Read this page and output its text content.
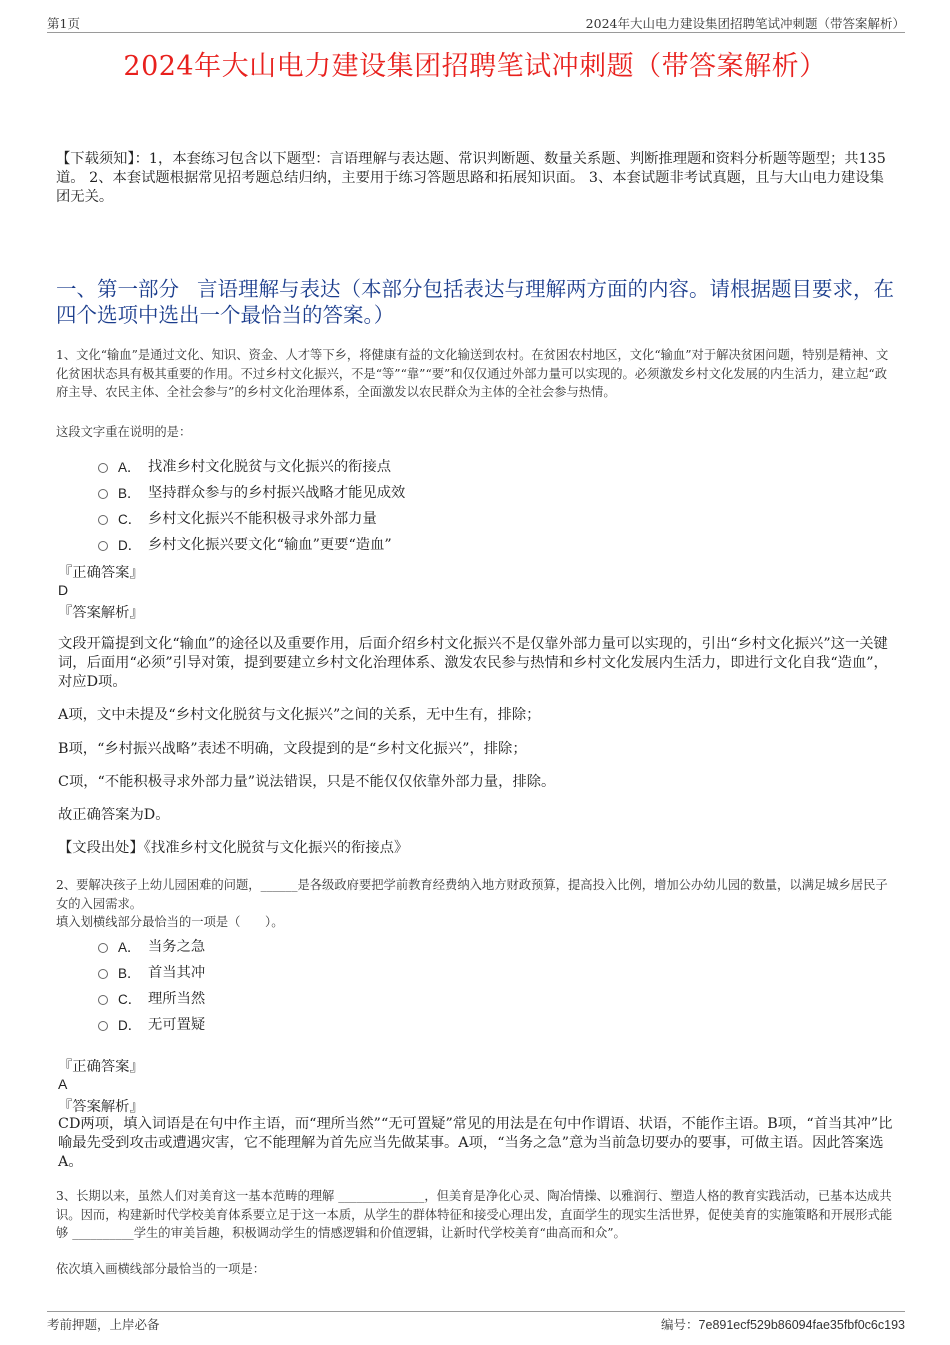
第1页	2024年大山电力建设集团招聘笔试冲刺题（带答案解析）
2024年大山电力建设集团招聘笔试冲刺题（带答案解析）
【下载须知】：1，本套练习包含以下题型：言语理解与表达题、常识判断题、数量关系题、判断推理题和资料分析题等题型；共135道。 2、本套试题根据常见招考题总结归纳，主要用于练习答题思路和拓展知识面。 3、本套试题非考试真题，且与大山电力建设集团无关。
一、第一部分 言语理解与表达（本部分包括表达与理解两方面的内容。请根据题目要求，在四个选项中选出一个最恰当的答案。）
1、文化“输血”是通过文化、知识、资金、人才等下乡，将健康有益的文化输送到农村。在贫困农村地区，文化“输血”对于解决贫困问题，特别是精神、文化贫困状态具有极其重要的作用。不过乡村文化振兴，不是“等”“靠”“要”和仅仅通过外部力量可以实现的。必须激发乡村文化发展的内生活力，建立起“政府主导、农民主体、全社会参与”的乡村文化治理体系，全面激发以农民群众为主体的全社会参与热情。
这段文字重在说明的是：
A． 找准乡村文化脱贫与文化振兴的衔接点
B． 坚持群众参与的乡村振兴战略才能见成效
C． 乡村文化振兴不能积极寻求外部力量
D． 乡村文化振兴要文化“输血”更要“造血”
『正确答案』
D
『答案解析』
文段开篇提到文化“输血”的途径以及重要作用，后面介绍乡村文化振兴不是仅靠外部力量可以实现的，引出“乡村文化振兴”这一关键词，后面用“必须”引导对策，提到要建立乡村文化治理体系、激发农民参与热情和乡村文化发展内生活力，即进行文化自我“造血”，对应D项。
A项，文中未提及“乡村文化脱贫与文化振兴”之间的关系，无中生有，排除；
B项，“乡村振兴战略”表述不明确，文段提到的是“乡村文化振兴”，排除；
C项，“不能积极寻求外部力量”说法错误，只是不能仅仅依靠外部力量，排除。
故正确答案为D。
【文段出处】《找准乡村文化脱贫与文化振兴的衔接点》
2、要解决孩子上幼儿园困难的问题，______是各级政府要把学前教育经费纳入地方财政预算，提高投入比例，增加公办幼儿园的数量，以满足城乡居民子女的入园需求。
填入划横线部分最恰当的一项是（　　）。
A． 当务之急
B． 首当其冲
C． 理所当然
D． 无可置疑
『正确答案』
A
『答案解析』
CD两项，填入词语是在句中作主语，而“理所当然”“无可置疑”常见的用法是在句中作谓语、状语，不能作主语。B项，“首当其冲”比喻最先受到攻击或遭遇灾害，它不能理解为首先应当先做某事。A项，“当务之急”意为当前急切要办的要事，可做主语。因此答案选A。
3、长期以来，虽然人们对美育这一基本范畴的理解 ______________，但美育是净化心灵、陶冶情操、以雅润行、塑造人格的教育实践活动，已基本达成共识。因而，构建新时代学校美育体系要立足于这一本质，从学生的群体特征和接受心理出发，直面学生的现实生活世界，促使美育的实施策略和开展形式能够 __________学生的审美旨趣，积极调动学生的情感逻辑和价值逻辑，让新时代学校美育“曲高而和众”。
依次填入画横线部分最恰当的一项是：
考前押题，上岸必备	编号：7e891ecf529b86094fae35fbf0c6c193
